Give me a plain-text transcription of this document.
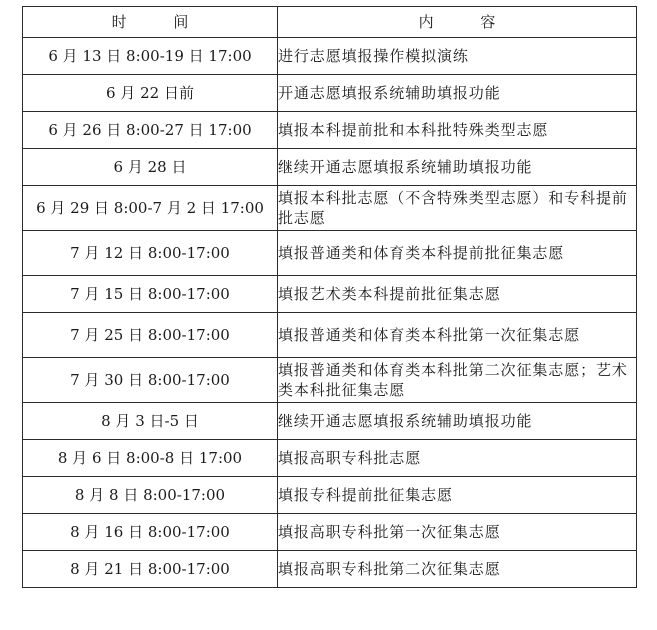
时 间	内 容
6 月 13 日 8:00-19 日 17:00	进行志愿填报操作模拟演练
6 月 22 日前	开通志愿填报系统辅助填报功能
6 月 26 日 8:00-27 日 17:00	填报本科提前批和本科批特殊类型志愿
6 月 28 日	继续开通志愿填报系统辅助填报功能
6 月 29 日 8:00-7 月 2 日 17:00	填报本科批志愿（不含特殊类型志愿）和专科提前批志愿
7 月 12 日 8:00-17:00	填报普通类和体育类本科提前批征集志愿
7 月 15 日 8:00-17:00	填报艺术类本科提前批征集志愿
7 月 25 日 8:00-17:00	填报普通类和体育类本科批第一次征集志愿
7 月 30 日 8:00-17:00	填报普通类和体育类本科批第二次征集志愿；艺术类本科批征集志愿
8 月 3 日-5 日	继续开通志愿填报系统辅助填报功能
8 月 6 日 8:00-8 日 17:00	填报高职专科批志愿
8 月 8 日 8:00-17:00	填报专科提前批征集志愿
8 月 16 日 8:00-17:00	填报高职专科批第一次征集志愿
8 月 21 日 8:00-17:00	填报高职专科批第二次征集志愿
